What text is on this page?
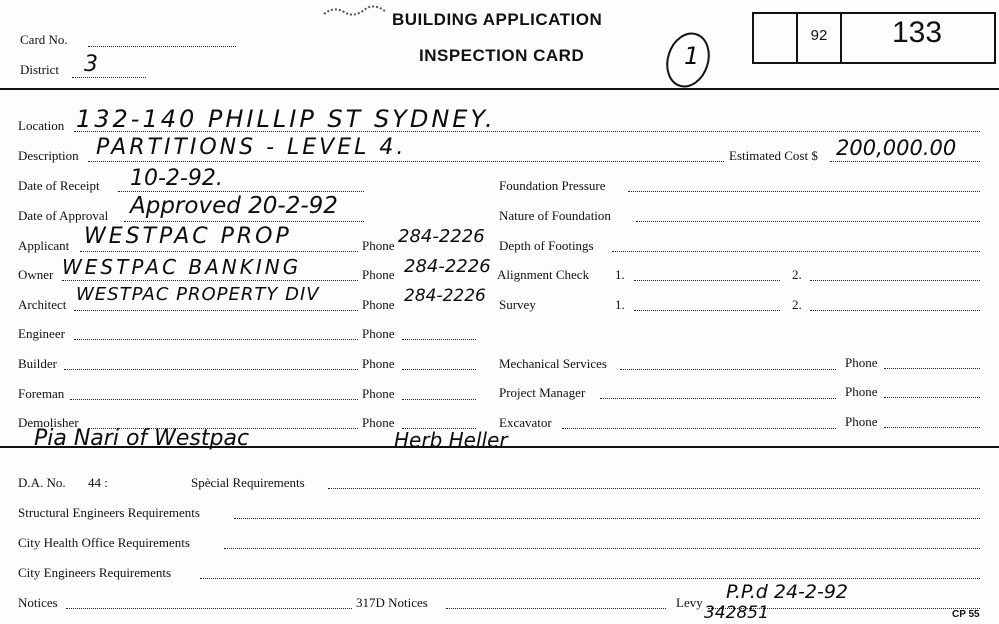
Card No.
District 3
BUILDING APPLICATION
INSPECTION CARD	1
92	133
Location 132-140 PHILLIP ST SYDNEY.
Description PARTITIONS - LEVEL 4.	Estimated Cost $ 200,000.00
Date of Receipt 10-2-92.	Foundation Pressure
Date of Approval Approved 20-2-92	Nature of Foundation
Applicant WESTPAC PROP	Phone 284-2226 Depth of Footings
Owner WESTPAC BANKING	Phone 284-2226 Alignment Check 1.	2.
Architect WESTPAC PROPERTY DIV	Phone 284-2226 Survey	1.	2.
Engineer	Phone
Builder	Phone	Mechanical Services	Phone
Foreman	Phone	Project Manager	Phone
Demolisher	Phone	Excavator	Phone
Pia Nari of Westpac	Herb Heller
D.A. No. 44 :	Spècial Requirements
Structural Engineers Requirements
City Health Office Requirements
City Engineers Requirements
Notices	317D Notices	Levy P.P.d 24-2-92
342851	CP 55
